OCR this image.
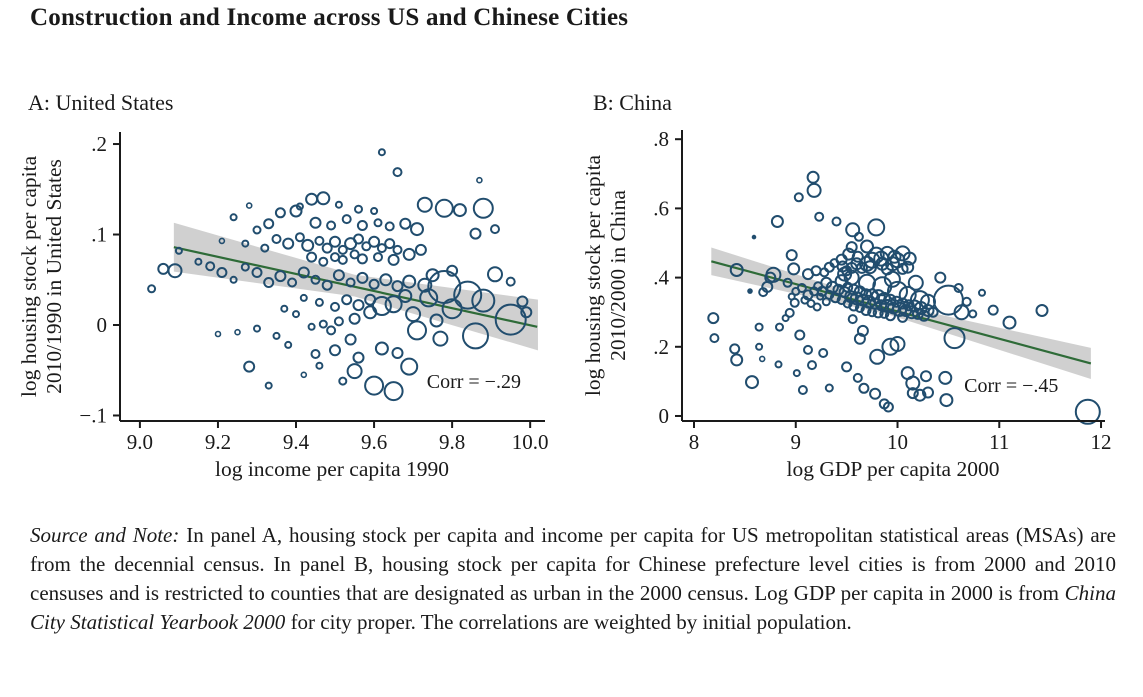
Construction and Income across US and Chinese Cities
9.0 9.2 9.4 9.6 9.8 10.0
−.1
0
.1
.2
log income per capita 1990
log housing stock per capita 2010/1990 in United States
A: United States
Corr = −.29
8	9	10	11	12
0
.2
.4
.6
.8
log GDP per capita 2000
log housing stock per capita 2010/2000 in China
B: China
Corr = −.45
Source and Note: In panel A, housing stock per capita and income per capita for US metropolitan statistical areas (MSAs) are from the decennial census. In panel B, housing stock per capita for Chinese prefecture level cities is from 2000 and 2010 censuses and is restricted to counties that are designated as urban in the 2000 census. Log GDP per capita in 2000 is from China City Statistical Yearbook 2000 for city proper. The correlations are weighted by initial population.
